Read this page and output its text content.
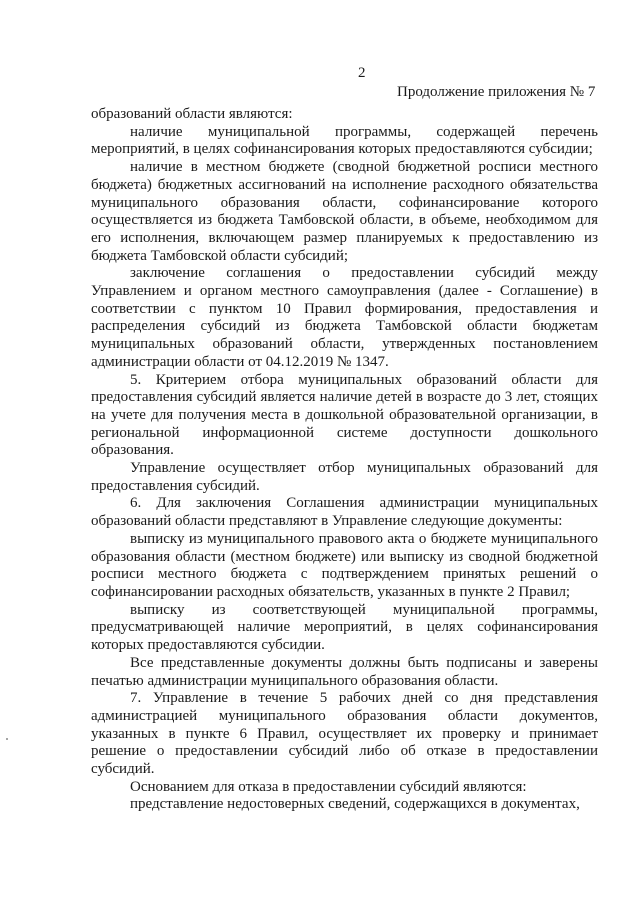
2
Продолжение приложения № 7

образований области являются:

наличие муниципальной программы, содержащей перечень мероприятий, в целях софинансирования которых предоставляются субсидии;

наличие в местном бюджете (сводной бюджетной росписи местного бюджета) бюджетных ассигнований на исполнение расходного обязательства муниципального образования области, софинансирование которого осуществляется из бюджета Тамбовской области, в объеме, необходимом для его исполнения, включающем размер планируемых к предоставлению из бюджета Тамбовской области субсидий;

заключение соглашения о предоставлении субсидий между Управлением и органом местного самоуправления (далее - Соглашение) в соответствии с пунктом 10 Правил формирования, предоставления и распределения субсидий из бюджета Тамбовской области бюджетам муниципальных образований области, утвержденных постановлением администрации области от 04.12.2019 № 1347.

5. Критерием отбора муниципальных образований области для предоставления субсидий является наличие детей в возрасте до 3 лет, стоящих на учете для получения места в дошкольной образовательной организации, в региональной информационной системе доступности дошкольного образования.

Управление осуществляет отбор муниципальных образований для предоставления субсидий.

6. Для заключения Соглашения администрации муниципальных образований области представляют в Управление следующие документы:

выписку из муниципального правового акта о бюджете муниципального образования области (местном бюджете) или выписку из сводной бюджетной росписи местного бюджета с подтверждением принятых решений о софинансировании расходных обязательств, указанных в пункте 2 Правил;

выписку из соответствующей муниципальной программы, предусматривающей наличие мероприятий, в целях софинансирования которых предоставляются субсидии.

Все представленные документы должны быть подписаны и заверены печатью администрации муниципального образования области.

7. Управление в течение 5 рабочих дней со дня представления администрацией муниципального образования области документов, указанных в пункте 6 Правил, осуществляет их проверку и принимает решение о предоставлении субсидий либо об отказе в предоставлении субсидий.

Основанием для отказа в предоставлении субсидий являются:

представление недостоверных сведений, содержащихся в документах,
